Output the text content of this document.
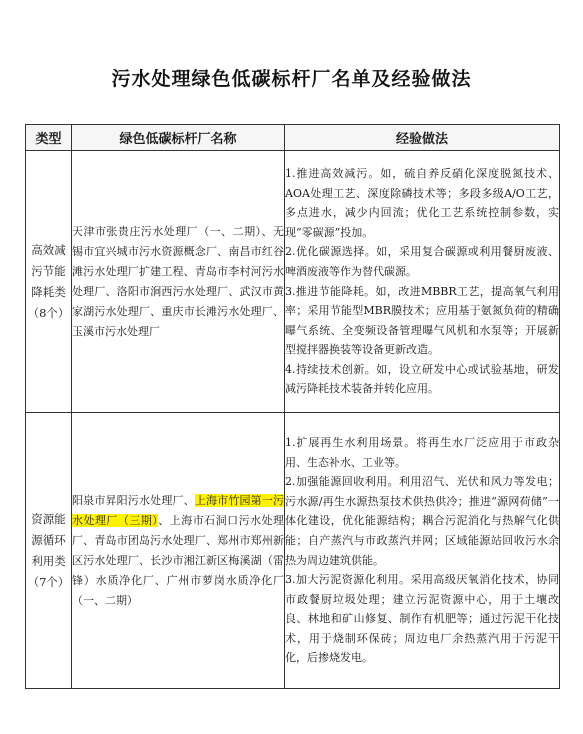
污水处理绿色低碳标杆厂名单及经验做法
类型	绿色低碳标杆厂名称	经验做法
高效减污节能降耗类
（8个）	天津市张贵庄污水处理厂（一、二期）、无锡市宜兴城市污水资源概念厂、南昌市红谷滩污水处理厂扩建工程、青岛市李村河污水处理厂、洛阳市涧西污水处理厂、武汉市黄家湖污水处理厂、重庆市长滩污水处理厂、玉溪市污水处理厂	1.推进高效减污。如，硫自养反硝化深度脱氮技术、AOA处理工艺、深度除磷技术等；多段多级A/O工艺，多点进水，减少内回流；优化工艺系统控制参数，实现“零碳源”投加。
2.优化碳源选择。如，采用复合碳源或利用餐厨废液、啤酒废液等作为替代碳源。
3.推进节能降耗。如，改进MBBR工艺，提高氧气利用率；采用节能型MBR膜技术；应用基于氨氮负荷的精确曝气系统、全变频设备管理曝气风机和水泵等；开展新型搅拌器换装等设备更新改造。
4.持续技术创新。如，设立研发中心或试验基地，研发减污降耗技术装备并转化应用。

资源能源循环利用类
（7个）	阳泉市昇阳污水处理厂、上海市竹园第一污水处理厂（三期）、上海市石洞口污水处理厂、青岛市团岛污水处理厂、郑州市郑州新区污水处理厂、长沙市湘江新区梅溪湖（雷锋）水质净化厂、广州市萝岗水质净化厂（一、二期）	1.扩展再生水利用场景。将再生水厂泛应用于市政杂用、生态补水、工业等。
2.加强能源回收利用。利用沼气、光伏和风力等发电；污水源/再生水源热泵技术供热供冷；推进“源网荷储”一体化建设，优化能源结构；耦合污泥消化与热解气化供能；自产蒸汽与市政蒸汽并网；区域能源站回收污水余热为周边建筑供能。
3.加大污泥资源化利用。采用高级厌氧消化技术，协同市政餐厨垃圾处理；建立污泥资源中心，用于土壤改良、林地和矿山修复、制作有机肥等；通过污泥干化技术，用于烧制环保砖；周边电厂余热蒸汽用于污泥干化，后掺烧发电。
